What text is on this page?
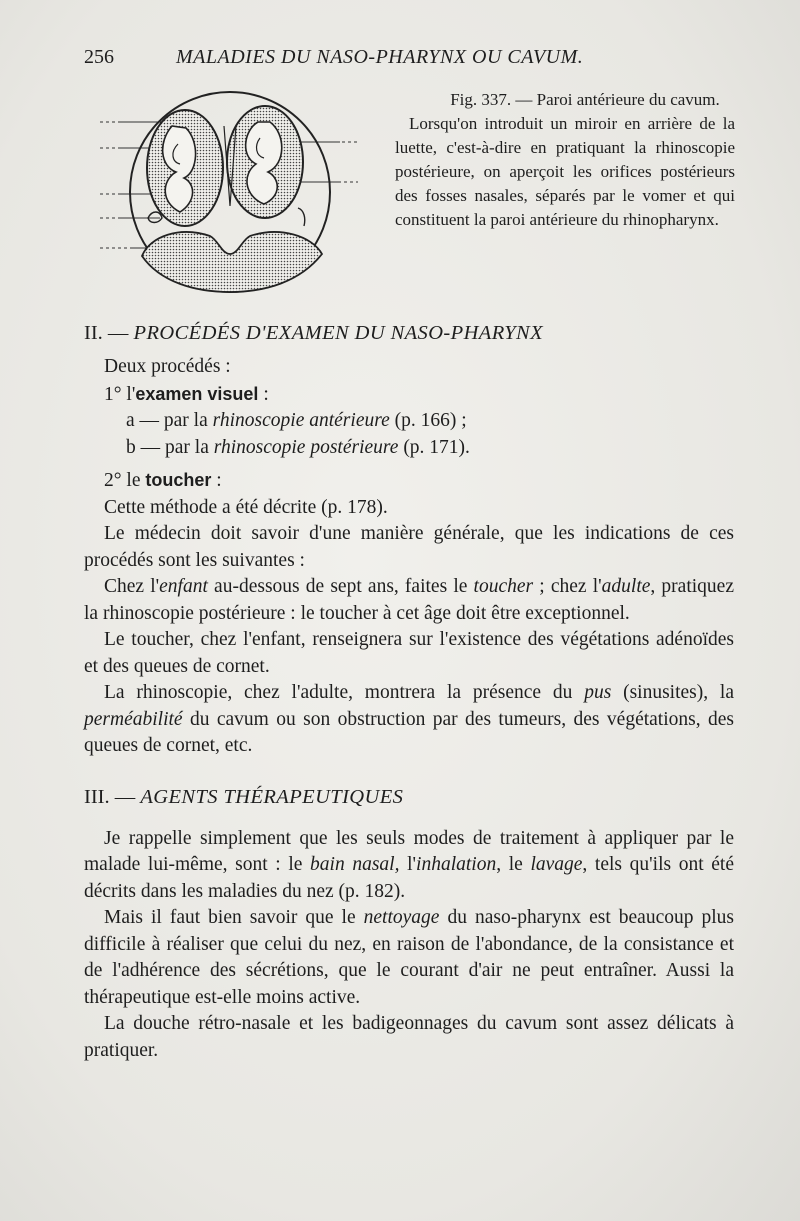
256	MALADIES DU NASO-PHARYNX OU CAVUM.
Fig. 337. — Paroi antérieure du cavum.

Lorsqu'on introduit un miroir en arrière de la luette, c'est-à-dire en pratiquant la rhinoscopie postérieure, on aperçoit les orifices postérieurs des fosses nasales, séparés par le vomer et qui constituent la paroi antérieure du rhinopharynx.

II. — PROCÉDÉS D'EXAMEN DU NASO-PHARYNX

Deux procédés :

1° l'examen visuel :

a — par la rhinoscopie antérieure (p. 166) ;

b — par la rhinoscopie postérieure (p. 171).

2° le toucher :

Cette méthode a été décrite (p. 178).

Le médecin doit savoir d'une manière générale, que les indications de ces procédés sont les suivantes :

Chez l'enfant au-dessous de sept ans, faites le toucher ; chez l'adulte, pratiquez la rhinoscopie postérieure : le toucher à cet âge doit être exceptionnel.

Le toucher, chez l'enfant, renseignera sur l'existence des végétations adénoïdes et des queues de cornet.

La rhinoscopie, chez l'adulte, montrera la présence du pus (sinusites), la perméabilité du cavum ou son obstruction par des tumeurs, des végétations, des queues de cornet, etc.

III. — AGENTS THÉRAPEUTIQUES

Je rappelle simplement que les seuls modes de traitement à appliquer par le malade lui-même, sont : le bain nasal, l'inhalation, le lavage, tels qu'ils ont été décrits dans les maladies du nez (p. 182).

Mais il faut bien savoir que le nettoyage du naso-pharynx est beaucoup plus difficile à réaliser que celui du nez, en raison de l'abondance, de la consistance et de l'adhérence des sécrétions, que le courant d'air ne peut entraîner. Aussi la thérapeutique est-elle moins active.

La douche rétro-nasale et les badigeonnages du cavum sont assez délicats à pratiquer.
